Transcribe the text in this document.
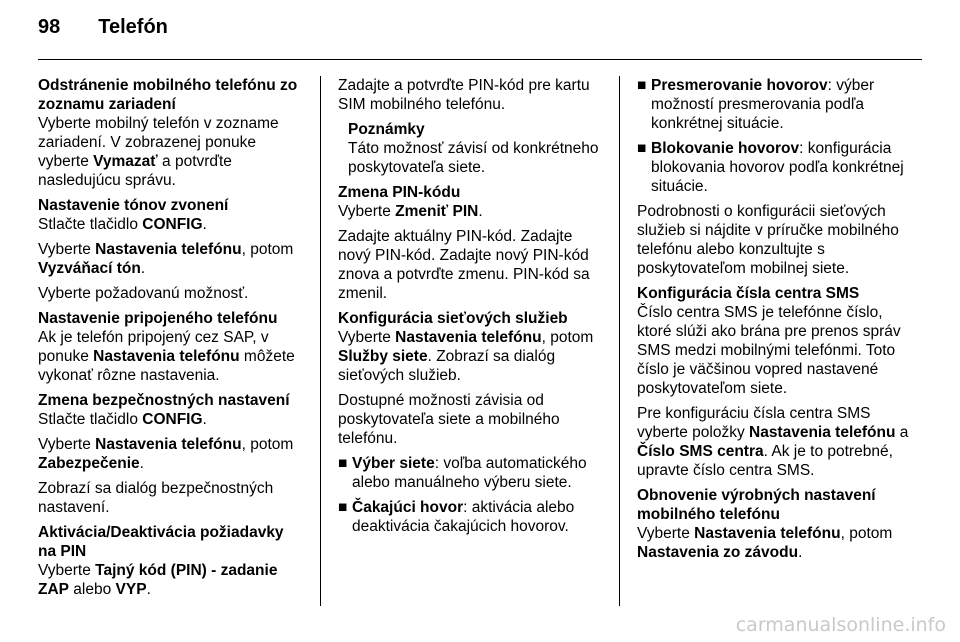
98 Telefón
Odstránenie mobilného telefónu zo zoznamu zariadení

Vyberte mobilný telefón v zozname zariadení. V zobrazenej ponuke vyberte Vymazať a potvrďte nasledujúcu správu.

Nastavenie tónov zvonení

Stlačte tlačidlo CONFIG.

Vyberte Nastavenia telefónu, potom Vyzváňací tón.

Vyberte požadovanú možnosť.

Nastavenie pripojeného telefónu

Ak je telefón pripojený cez SAP, v ponuke Nastavenia telefónu môžete vykonať rôzne nastavenia.

Zmena bezpečnostných nastavení

Stlačte tlačidlo CONFIG.

Vyberte Nastavenia telefónu, potom Zabezpečenie.

Zobrazí sa dialóg bezpečnostných nastavení.

Aktivácia/Deaktivácia požiadavky na PIN

Vyberte Tajný kód (PIN) - zadanie ZAP alebo VYP.

Zadajte a potvrďte PIN-kód pre kartu SIM mobilného telefónu.

Poznámky
Táto možnosť závisí od konkrétneho poskytovateľa siete.
Zmena PIN-kódu

Vyberte Zmeniť PIN.

Zadajte aktuálny PIN-kód. Zadajte nový PIN-kód. Zadajte nový PIN-kód znova a potvrďte zmenu. PIN-kód sa zmenil.

Konfigurácia sieťových služieb

Vyberte Nastavenia telefónu, potom Služby siete. Zobrazí sa dialóg sieťových služieb.

Dostupné možnosti závisia od poskytovateľa siete a mobilného telefónu.

■ Výber siete: voľba automatického alebo manuálneho výberu siete.
■ Čakajúci hovor: aktivácia alebo deaktivácia čakajúcich hovorov.
■ Presmerovanie hovorov: výber možností presmerovania podľa konkrétnej situácie.
■ Blokovanie hovorov: konfigurácia blokovania hovorov podľa konkrétnej situácie.

Podrobnosti o konfigurácii sieťových služieb si nájdite v príručke mobilného telefónu alebo konzultujte s poskytovateľom mobilnej siete.

Konfigurácia čísla centra SMS

Číslo centra SMS je telefónne číslo, ktoré slúži ako brána pre prenos správ SMS medzi mobilnými telefónmi. Toto číslo je väčšinou vopred nastavené poskytovateľom siete.

Pre konfiguráciu čísla centra SMS vyberte položky Nastavenia telefónu a Číslo SMS centra. Ak je to potrebné, upravte číslo centra SMS.

Obnovenie výrobných nastavení mobilného telefónu

Vyberte Nastavenia telefónu, potom Nastavenia zo závodu.

carmanualsonline.info
